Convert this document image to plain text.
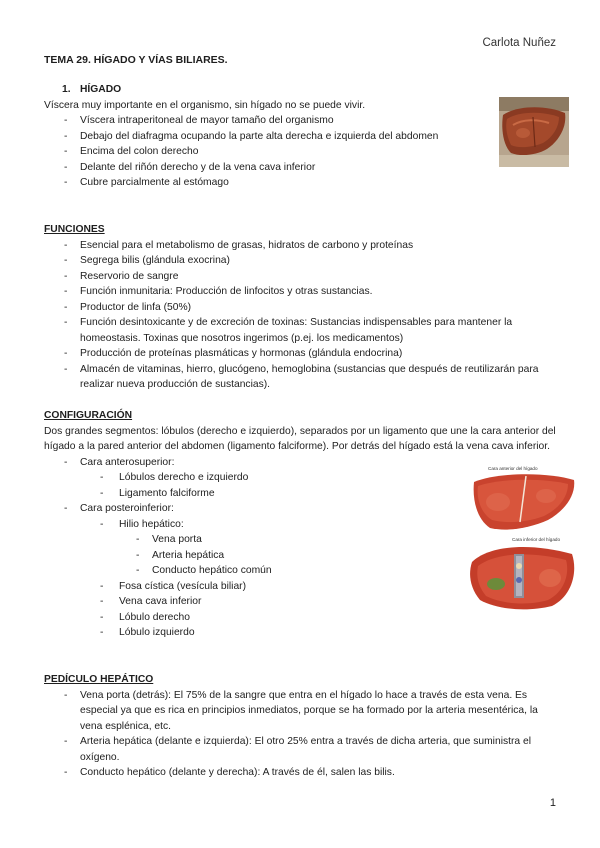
Carlota Nuñez
TEMA 29. HÍGADO Y VÍAS BILIARES.
1. HÍGADO
Víscera muy importante en el organismo, sin hígado no se puede vivir.
- Víscera intraperitoneal de mayor tamaño del organismo
- Debajo del diafragma ocupando la parte alta derecha e izquierda del abdomen
- Encima del colon derecho
- Delante del riñón derecho y de la vena cava inferior
- Cubre parcialmente al estómago
FUNCIONES
- Esencial para el metabolismo de grasas, hidratos de carbono y proteínas
- Segrega bilis (glándula exocrina)
- Reservorio de sangre
- Función inmunitaria: Producción de linfocitos y otras sustancias.
- Productor de linfa (50%)
- Función desintoxicante y de excreción de toxinas: Sustancias indispensables para mantener la homeostasis. Toxinas que nosotros ingerimos (p.ej. los medicamentos)
- Producción de proteínas plasmáticas y hormonas (glándula endocrina)
- Almacén de vitaminas, hierro, glucógeno, hemoglobina (sustancias que después de reutilizarán para realizar nueva producción de sustancias).
CONFIGURACIÓN
Dos grandes segmentos: lóbulos (derecho e izquierdo), separados por un ligamento que une la cara anterior del hígado a la pared anterior del abdomen (ligamento falciforme). Por detrás del hígado está la vena cava inferior.
- Cara anterosuperior:
- Lóbulos derecho e izquierdo
- Ligamento falciforme
- Cara posteroinferior:
- Hilio hepático:
- Vena porta
- Arteria hepática
- Conducto hepático común
- Fosa cística (vesícula biliar)
- Vena cava inferior
- Lóbulo derecho
- Lóbulo izquierdo
Cara anterior del hígado
Cara inferior del hígado
PEDÍCULO HEPÁTICO
- Vena porta (detrás): El 75% de la sangre que entra en el hígado lo hace a través de esta vena. Es especial ya que es rica en principios inmediatos, porque se ha formado por la arteria mesentérica, la vena esplénica, etc.
- Arteria hepática (delante e izquierda): El otro 25% entra a través de dicha arteria, que suministra el oxígeno.
- Conducto hepático (delante y derecha): A través de él, salen las bilis.
1
